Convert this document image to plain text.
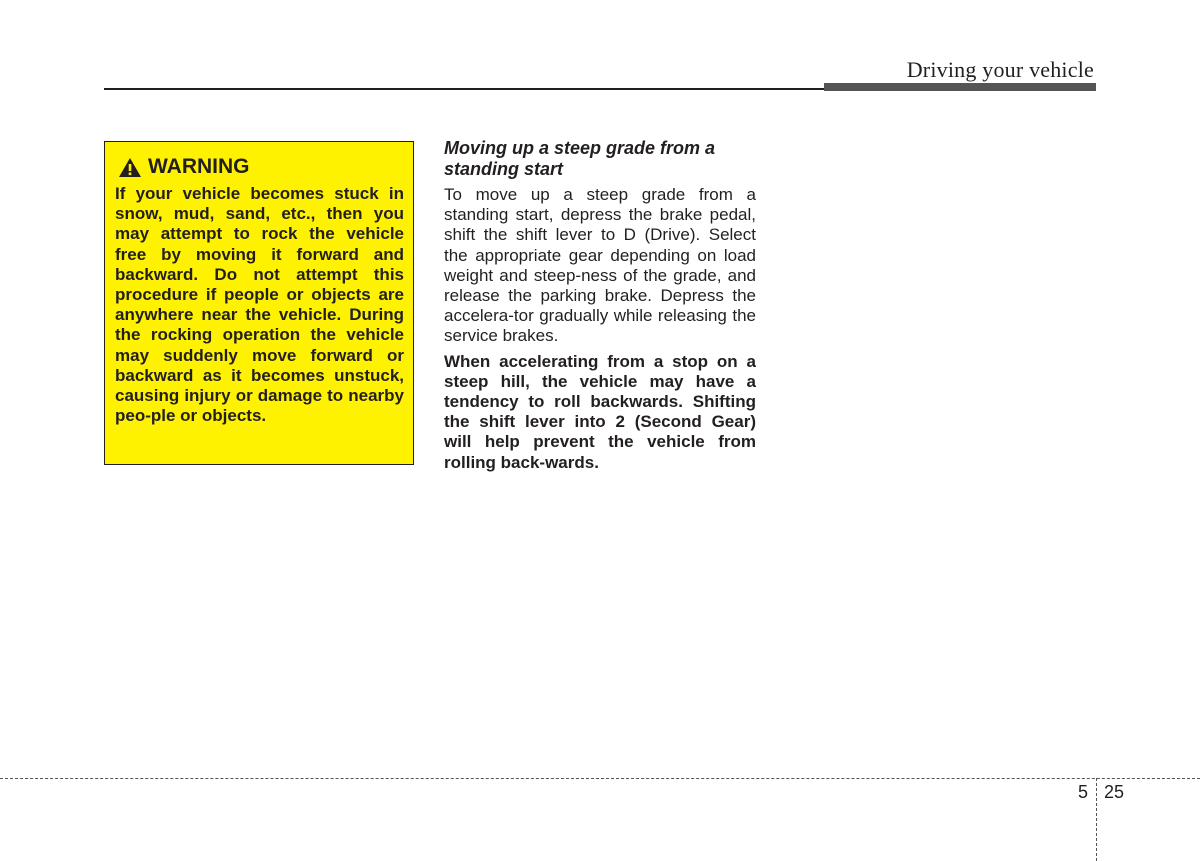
Driving your vehicle
WARNING

If your vehicle becomes stuck in snow, mud, sand, etc., then you may attempt to rock the vehicle free by moving it forward and backward. Do not attempt this procedure if people or objects are anywhere near the vehicle. During the rocking operation the vehicle may suddenly move forward or backward as it becomes unstuck, causing injury or damage to nearby peo-ple or objects.

Moving up a steep grade from a standing start

To move up a steep grade from a standing start, depress the brake pedal, shift the shift lever to D (Drive). Select the appropriate gear depending on load weight and steep-ness of the grade, and release the parking brake. Depress the accelera-tor gradually while releasing the service brakes.

When accelerating from a stop on a steep hill, the vehicle may have a tendency to roll backwards. Shifting the shift lever into 2 (Second Gear) will help prevent the vehicle from rolling back-wards.

5 25
